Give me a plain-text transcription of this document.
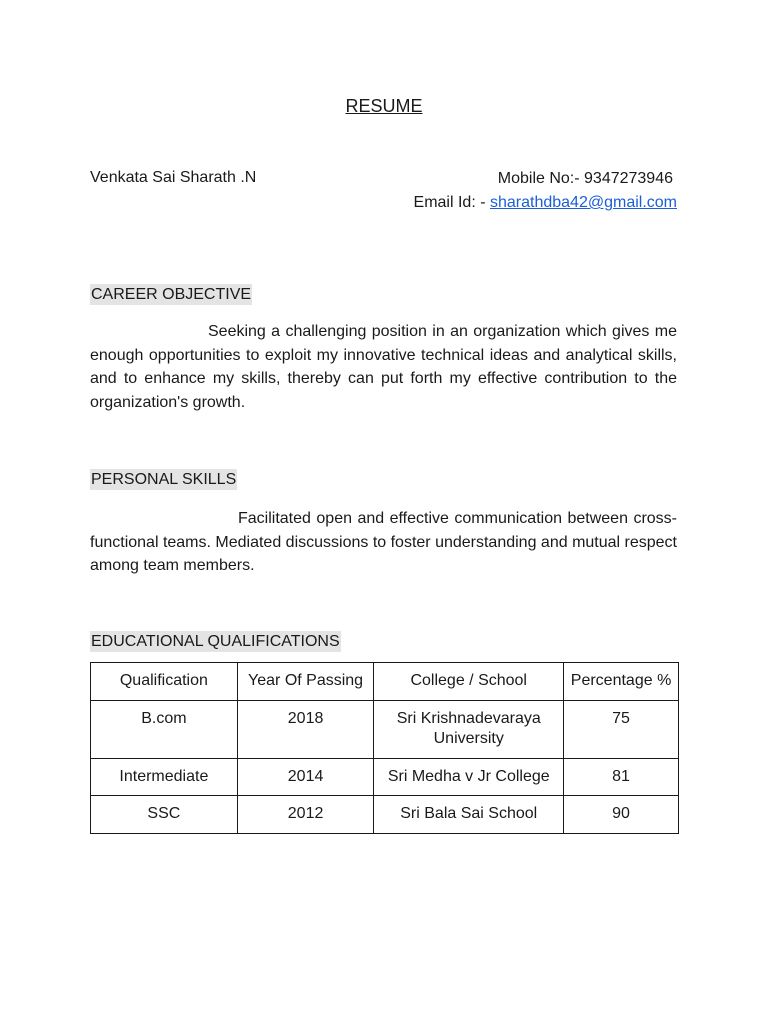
RESUME
Venkata Sai Sharath .N	Mobile No:- 9347273946
Email Id: - sharathdba42@gmail.com
CAREER OBJECTIVE
Seeking a challenging position in an organization which gives me enough opportunities to exploit my innovative technical ideas and analytical skills, and to enhance my skills, thereby can put forth my effective contribution to the organization's growth.
PERSONAL SKILLS
Facilitated open and effective communication between cross-functional teams. Mediated discussions to foster understanding and mutual respect among team members.
EDUCATIONAL QUALIFICATIONS
Qualification	Year Of Passing	College / School	Percentage %
B.com	2018	Sri Krishnadevaraya University	75
Intermediate	2014	Sri Medha v Jr College	81
SSC	2012	Sri Bala Sai School	90
